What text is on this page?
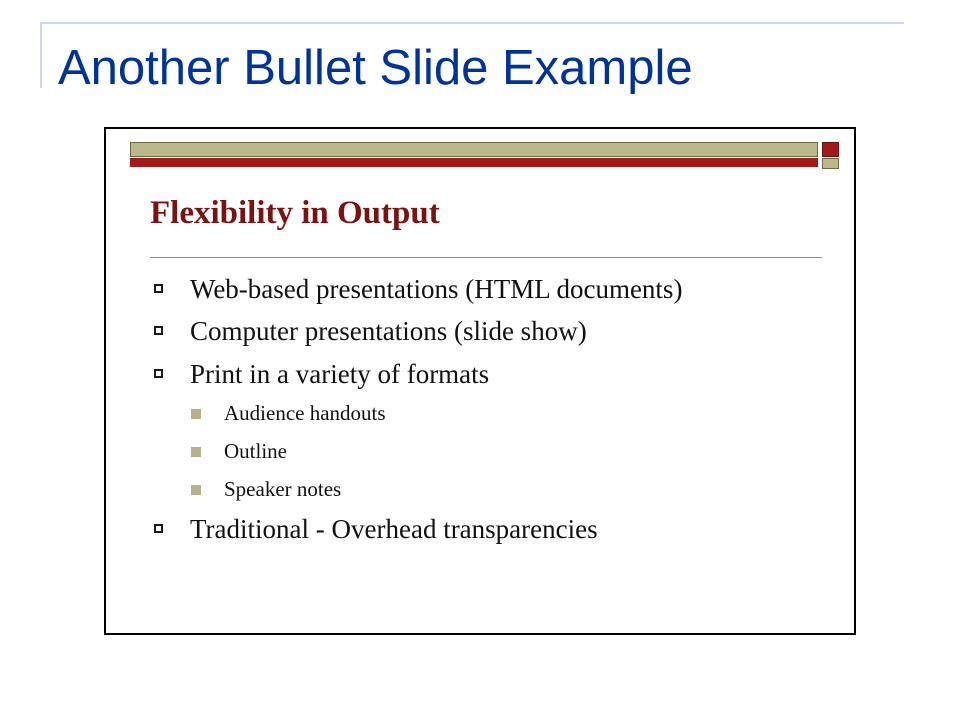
Another Bullet Slide Example
Flexibility in Output
Web-based presentations (HTML documents)
Computer presentations (slide show)
Print in a variety of formats
Audience handouts
Outline
Speaker notes
Traditional - Overhead transparencies
